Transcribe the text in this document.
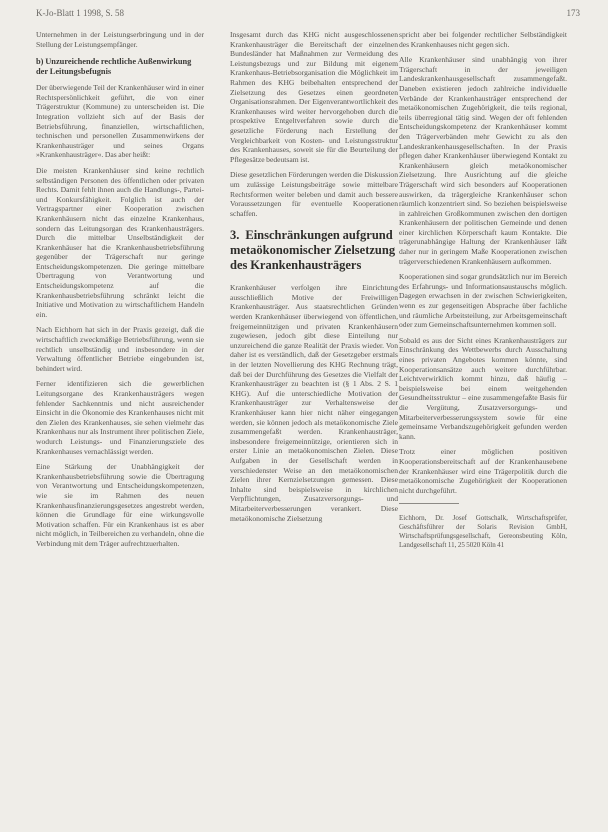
K-Jo-Blatt 1 1998, S. 58	173

Unternehmen in der Leistungserbringung und in der Stellung der Leistungsempfänger.

b) Unzureichende rechtliche Außenwirkung der Leitungsbefugnis

Der überwiegende Teil der Krankenhäuser wird in einer Rechtspersönlichkeit geführt, die von einer Trägerstruktur (Kommune) zu unterscheiden ist. Die Integration vollzieht sich auf der Basis der Betriebsführung, finanziellen, wirtschaftlichen, technischen und personellen Zusammenwirkens der Krankenhausträger und seines Organs »Krankenhausträger«. Das aber heißt:

Die meisten Krankenhäuser sind keine rechtlich selbständigen Personen des öffentlichen oder privaten Rechts. Damit fehlt ihnen auch die Handlungs-, Partei- und Konkursfähigkeit. Folglich ist auch der Vertragspartner einer Kooperation zwischen Krankenhäusern nicht das einzelne Krankenhaus, sondern das Leitungsorgan des Krankenhausträgers. Durch die mittelbar Unselbständigkeit der Krankenhäuser hat die Krankenhausbetriebsführung gegenüber der Trägerschaft nur geringe Entscheidungskompetenzen. Die geringe mittelbare Übertragung von Verantwortung und Entscheidungskompetenz auf die Krankenhausbetriebsführung schränkt leicht die Initiative und Motivation zu wirtschaftlichem Handeln ein.

Nach Eichhorn hat sich in der Praxis gezeigt, daß die wirtschaftlich zweckmäßige Betriebsführung, wenn sie rechtlich unselbständig und insbesondere in der Verwaltung öffentlicher Betriebe eingebunden ist, behindert wird.

Ferner identifizieren sich die gewerblichen Leitungsorgane des Krankenhausträgers wegen fehlender Sachkenntnis und nicht ausreichender Einsicht in die Ökonomie des Krankenhauses nicht mit den Zielen des Krankenhauses, sie sehen vielmehr das Krankenhaus nur als Instrument ihrer politischen Ziele, wodurch Leistungs- und Finanzierungsziele des Krankenhauses vernachlässigt werden.

Eine Stärkung der Unabhängigkeit der Krankenhausbetriebsführung sowie die Übertragung von Verantwortung und Entscheidungskompetenzen, wie sie im Rahmen des neuen Krankenhausfinanzierungsgesetzes angestrebt werden, können die Grundlage für eine wirkungsvolle Motivation schaffen. Für ein Krankenhaus ist es aber nicht möglich, in Teilbereichen zu verhandeln, ohne die Verbindung mit dem Träger aufrechtzuerhalten.

Insgesamt durch das KHG nicht ausgeschlossenen Krankenhausträger die Bereitschaft der einzelnen Bundesländer hat Maßnahmen zur Vermeidung des Leistungsbezugs und zur Bildung mit eigenem Krankenhaus-Betriebsorganisation die Möglichkeit im Rahmen des KHG beibehalten entsprechend der Zielsetzung des Gesetzes einen geordneten Organisationsrahmen. Der Eigenverantwortlichkeit des Krankenhauses wird weiter hervorgehoben durch die prospektive Entgeltverfahren sowie durch die gesetzliche Förderung nach Erstellung der Vergleichbarkeit von Kosten- und Leistungsstruktur des Krankenhauses, soweit sie für die Beurteilung der Pflegesätze bedeutsam ist.

Diese gesetzlichen Förderungen werden die Diskussion um zulässige Leistungsbeiträge sowie mittelbare Rechtsformen weiter beleben und damit auch bessere Voraussetzungen für eventuelle Kooperationen schaffen.

3. Einschränkungen aufgrund metaökonomischer Zielsetzung des Krankenhausträgers

Krankenhäuser verfolgen ihre Einrichtung ausschließlich Motive der Freiwilligen Krankenhausträger. Aus staatsrechtlichen Gründen werden Krankenhäuser überwiegend von öffentlichen, freigemeinnützigen und privaten Krankenhäusern zugewiesen, jedoch gibt diese Einteilung nur unzureichend die ganze Realität der Praxis wieder. Von daher ist es verständlich, daß der Gesetzgeber erstmals in der letzten Novellierung des KHG Rechnung trägt, daß bei der Durchführung des Gesetzes die Vielfalt der Krankenhausträger zu beachten ist (§ 1 Abs. 2 S. 1 KHG). Auf die unterschiedliche Motivation der Krankenhausträger zur Verhaltensweise der Krankenhäuser kann hier nicht näher eingegangen werden, sie können jedoch als metaökonomische Ziele zusammengefaßt werden. Krankenhausträger, insbesondere freigemeinnützige, orientieren sich in erster Linie an metaökonomischen Zielen. Diese Aufgaben in der Gesellschaft werden in verschiedenster Weise an den metaökonomischen Zielen ihrer Kernzielsetzungen gemessen. Diese Inhalte sind beispielsweise in kirchlichen Verpflichtungen, Zusatzversorgungs- und Mitarbeiterverbesserungen verankert. Diese metaökonomische Zielsetzung

spricht aber bei folgender rechtlicher Selbständigkeit des Krankenhauses nicht gegen sich.

Alle Krankenhäuser sind unabhängig von ihrer Trägerschaft in der jeweiligen Landeskrankenhausgesellschaft zusammengefaßt. Daneben existieren jedoch zahlreiche individuelle Verbände der Krankenhausträger entsprechend der metaökonomischen Zugehörigkeit, die teils regional, teils überregional tätig sind. Wegen der oft fehlenden Entscheidungskompetenz der Krankenhäuser kommt den Trägerverbänden mehr Gewicht zu als den Landeskrankenhausgesellschaften. In der Praxis pflegen daher Krankenhäuser überwiegend Kontakt zu Krankenhäusern gleich metaökonomischer Zielsetzung. Ihre Ausrichtung auf die gleiche Trägerschaft wird sich besonders auf Kooperationen auswirken, da trägergleiche Krankenhäuser schon räumlich konzentriert sind. So beziehen beispielsweise in zahlreichen Großkommunen zwischen den dortigen Krankenhäusern der politischen Gemeinde und denen einer kirchlichen Körperschaft kaum Kontakte. Die trägerunabhängige Haltung der Krankenhäuser läßt daher nur in geringem Maße Kooperationen zwischen trägerverschiedenen Krankenhäusern aufkommen.

Kooperationen sind sogar grundsätzlich nur im Bereich des Erfahrungs- und Informationsaustauschs möglich. Dagegen erwachsen in der zwischen Schwierigkeiten, wenn es zur gegenseitigen Absprache über fachliche und räumliche Arbeitsteilung, zur Arbeitsgemeinschaft oder zum Gemeinschaftsunternehmen kommen soll.

Sobald es aus der Sicht eines Krankenhausträgers zur Einschränkung des Wettbewerbs durch Ausschaltung eines privaten Angebotes kommen könnte, sind Kooperationsansätze auch weitere durchführbar. Leichtverwirklich kommt hinzu, daß häufig – beispielsweise bei einem weitgehenden Gesundheitsstruktur – eine zusammengefaßte Basis für die Vergütung, Zusatzversorgungs- und Mitarbeiterverbesserungssystem sowie für eine gemeinsame Verbandszugehörigkeit gefunden werden kann.

Trotz einer möglichen positiven Kooperationsbereitschaft auf der Krankenhausebene der Krankenhäuser wird eine Trägerpolitik durch die metaökonomische Zugehörigkeit der Kooperationen nicht durchgeführt.

Eichhorn, Dr. Josef Gottschalk, Wirtschaftsprüfer, Geschäftsführer der Solaris Revision GmbH, Wirtschaftsprüfungsgesellschaft, Gereonsbeuting Köln, Landgesellschaft 11, 25 5020 Köln 41
